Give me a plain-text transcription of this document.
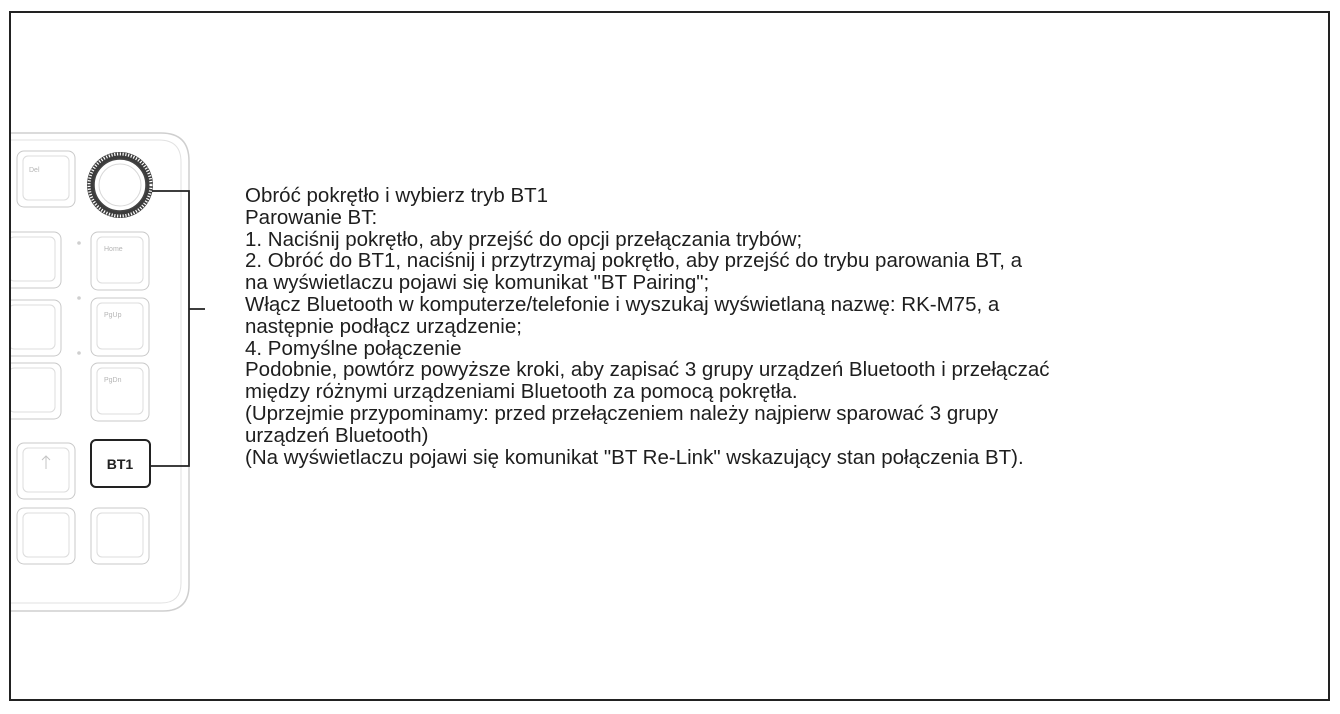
Del
Home
PgUp
PgDn
BT1
Obróć pokrętło i wybierz tryb BT1
Parowanie BT:
1. Naciśnij pokrętło, aby przejść do opcji przełączania trybów;
2. Obróć do BT1, naciśnij i przytrzymaj pokrętło, aby przejść do trybu parowania BT, a
na wyświetlaczu pojawi się komunikat "BT Pairing";
Włącz Bluetooth w komputerze/telefonie i wyszukaj wyświetlaną nazwę: RK-M75, a
następnie podłącz urządzenie;
4. Pomyślne połączenie
Podobnie, powtórz powyższe kroki, aby zapisać 3 grupy urządzeń Bluetooth i przełączać
między różnymi urządzeniami Bluetooth za pomocą pokrętła.
(Uprzejmie przypominamy: przed przełączeniem należy najpierw sparować 3 grupy
urządzeń Bluetooth)
(Na wyświetlaczu pojawi się komunikat "BT Re-Link" wskazujący stan połączenia BT).
